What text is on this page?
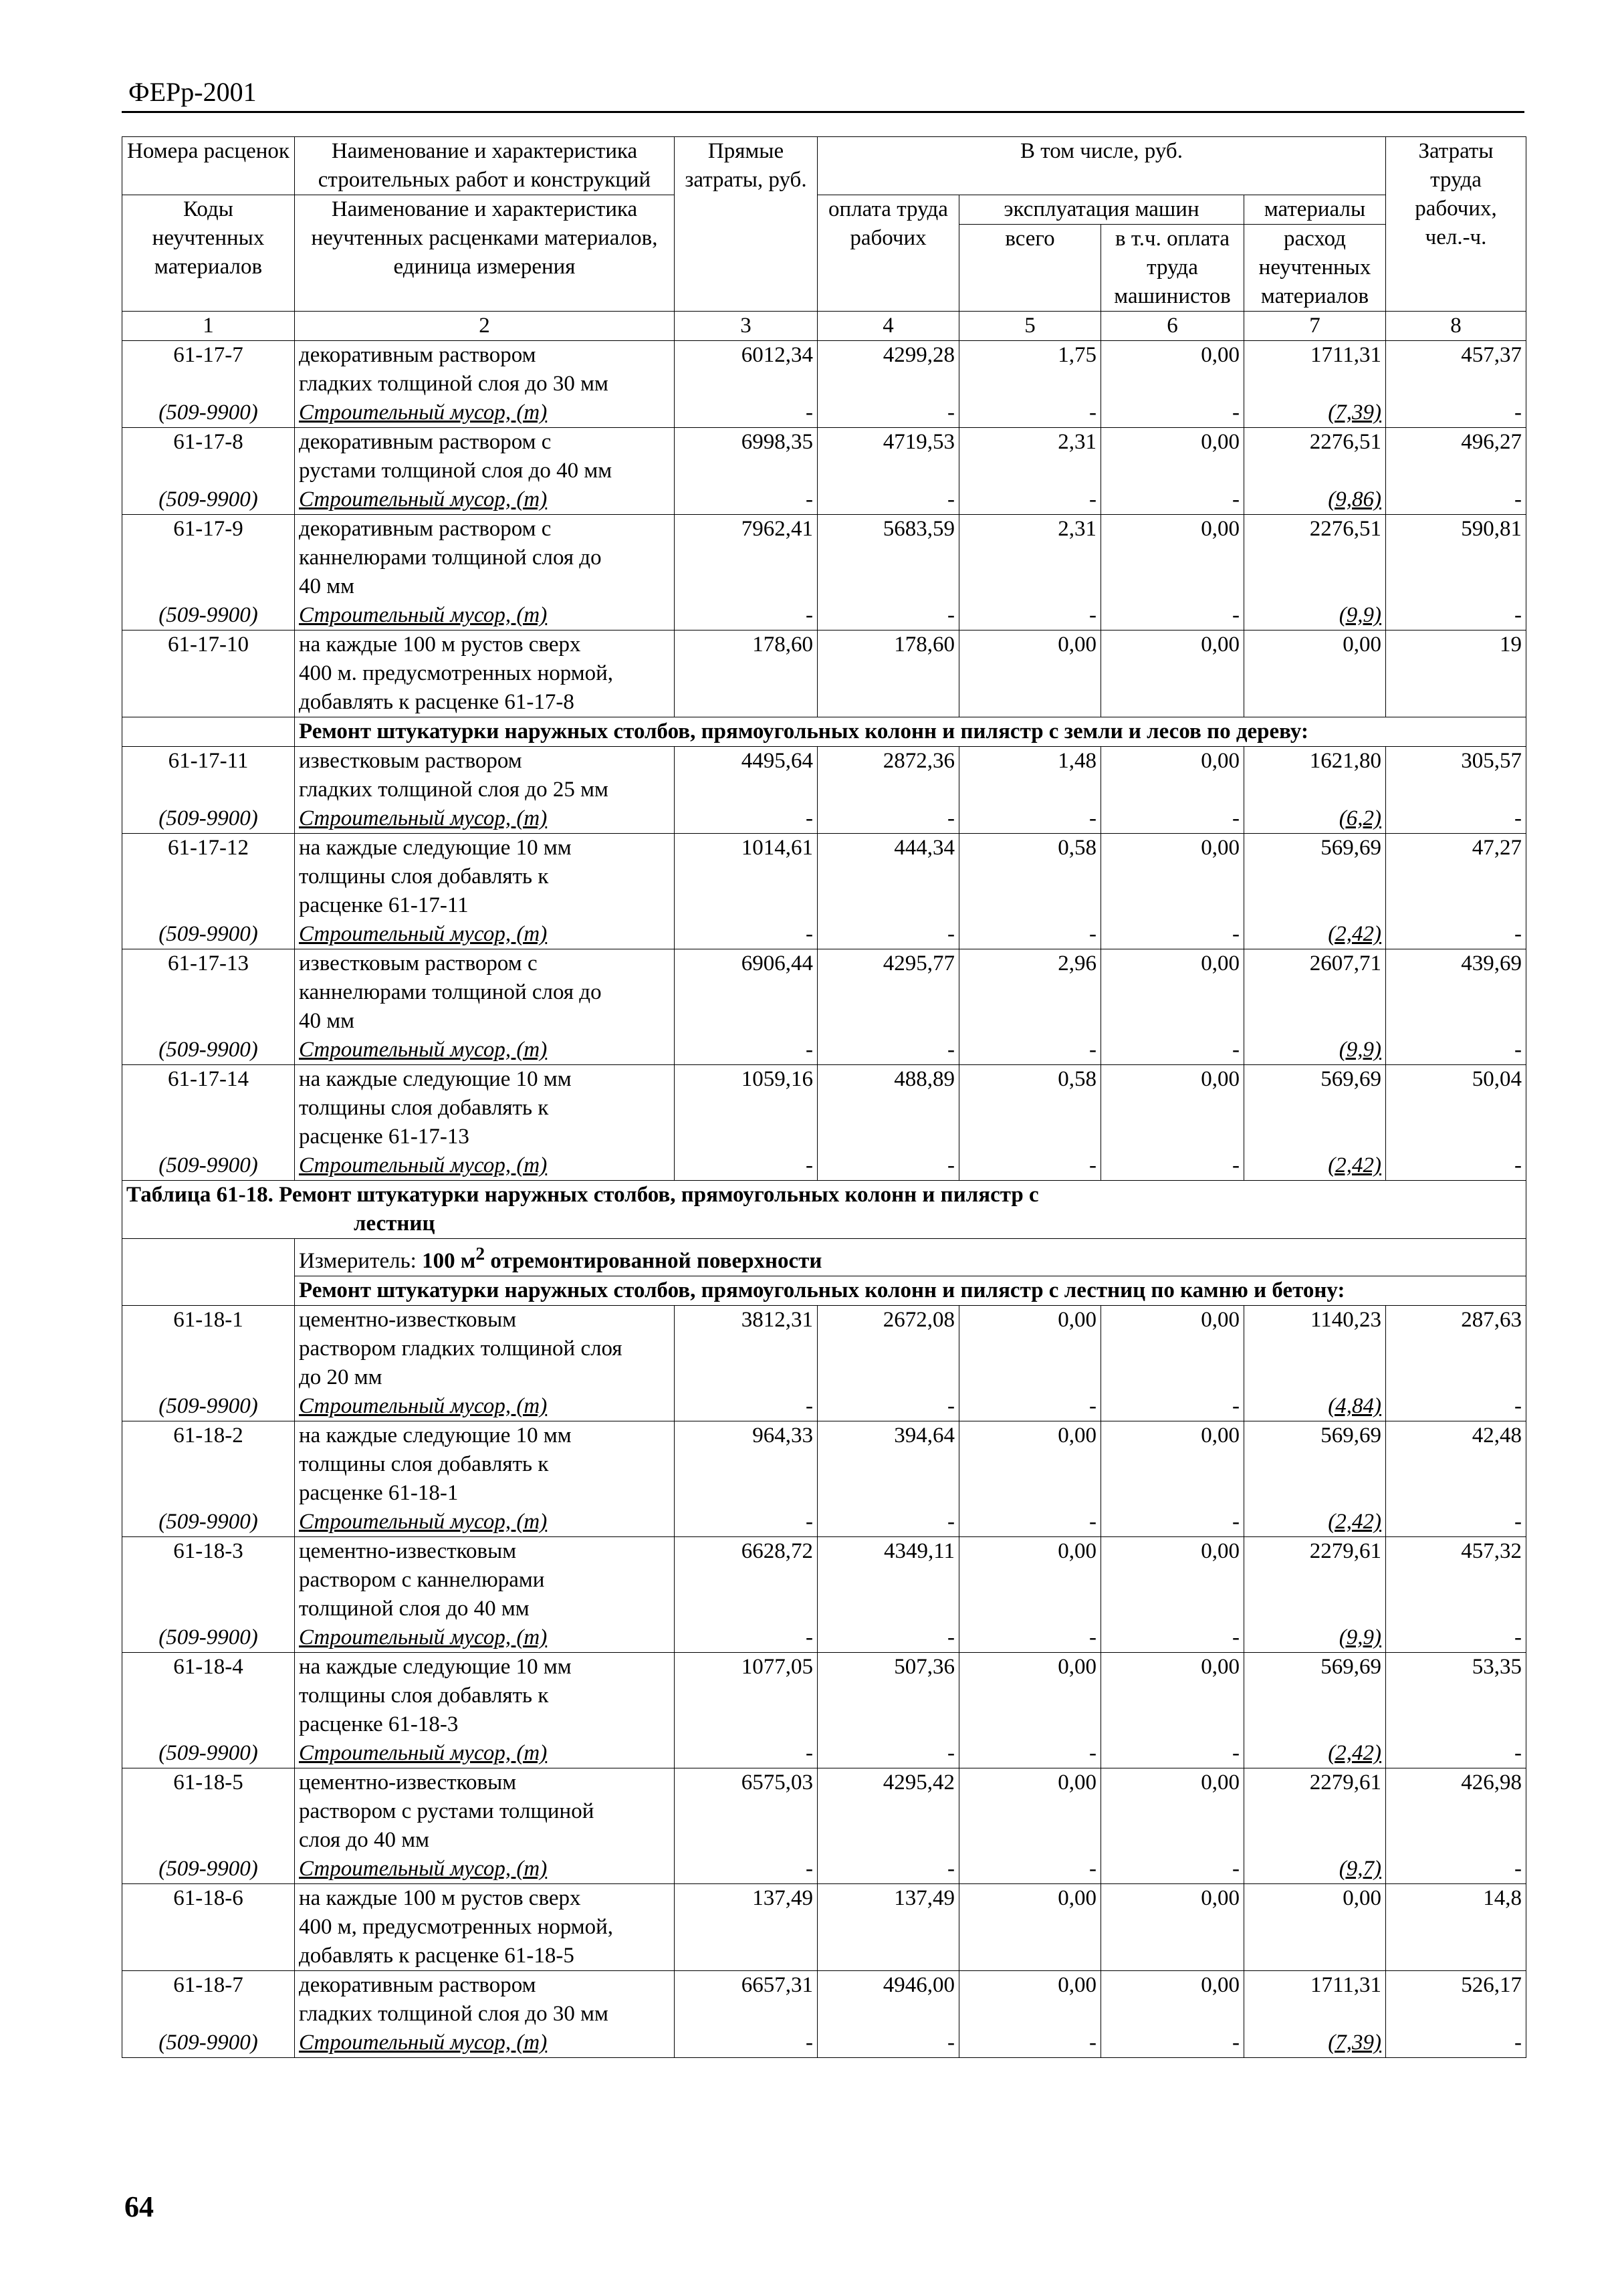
ФЕРр-2001
Номера расценок	Наименование и характеристика строительных работ и конструкций	Прямые затраты, руб.	В том числе, руб.				Затраты труда рабочих, чел.-ч.
Коды неучтенных материалов	Наименование и характеристика неучтенных расценками материалов, единица измерения		оплата труда рабочих	эксплуатация машин		материалы	
				всего	в т.ч. оплата труда машинистов	расход неучтенных материалов	
1	2	3	4	5	6	7	8
61-17-7	декоративным раствором	6012,34	4299,28	1,75	0,00	1711,31	457,37
	гладких толщиной слоя до 30 мм						
(509-9900)	Строительный мусор, (т)	-	-	-	-	(7,39)	-
61-17-8	декоративным раствором с	6998,35	4719,53	2,31	0,00	2276,51	496,27
	рустами толщиной слоя до 40 мм						
(509-9900)	Строительный мусор, (т)	-	-	-	-	(9,86)	-
61-17-9	декоративным раствором с	7962,41	5683,59	2,31	0,00	2276,51	590,81
	каннелюрами толщиной слоя до						
	40 мм						
(509-9900)	Строительный мусор, (т)	-	-	-	-	(9,9)	-
61-17-10	на каждые 100 м рустов сверх	178,60	178,60	0,00	0,00	0,00	19
	400 м. предусмотренных нормой,						
	добавлять к расценке 61-17-8						
	Ремонт штукатурки наружных столбов, прямоугольных колонн и пилястр с земли и лесов по дереву:						
61-17-11	известковым раствором	4495,64	2872,36	1,48	0,00	1621,80	305,57
	гладких толщиной слоя до 25 мм						
(509-9900)	Строительный мусор, (т)	-	-	-	-	(6,2)	-
61-17-12	на каждые следующие 10 мм	1014,61	444,34	0,58	0,00	569,69	47,27
	толщины слоя добавлять к						
	расценке 61-17-11						
(509-9900)	Строительный мусор, (т)	-	-	-	-	(2,42)	-
61-17-13	известковым раствором с	6906,44	4295,77	2,96	0,00	2607,71	439,69
	каннелюрами толщиной слоя до						
	40 мм						
(509-9900)	Строительный мусор, (т)	-	-	-	-	(9,9)	-
61-17-14	на каждые следующие 10 мм	1059,16	488,89	0,58	0,00	569,69	50,04
	толщины слоя добавлять к						
	расценке 61-17-13						
(509-9900)	Строительный мусор, (т)	-	-	-	-	(2,42)	-

Таблица 61-18. Ремонт штукатурки наружных столбов, прямоугольных колонн и пилястр с
лестниц							

	Измеритель: 100 $м^2$ отремонтированной поверхности						
	Ремонт штукатурки наружных столбов, прямоугольных колонн и пилястр с лестниц по камню и бетону:						
61-18-1	цементно-известковым	3812,31	2672,08	0,00	0,00	1140,23	287,63
	раствором гладких толщиной слоя						
	до 20 мм						
(509-9900)	Строительный мусор, (т)	-	-	-	-	(4,84)	-
61-18-2	на каждые следующие 10 мм	964,33	394,64	0,00	0,00	569,69	42,48
	толщины слоя добавлять к						
	расценке 61-18-1						
(509-9900)	Строительный мусор, (т)	-	-	-	-	(2,42)	-
61-18-3	цементно-известковым	6628,72	4349,11	0,00	0,00	2279,61	457,32
	раствором с каннелюрами						
	толщиной слоя до 40 мм						
(509-9900)	Строительный мусор, (т)	-	-	-	-	(9,9)	-
61-18-4	на каждые следующие 10 мм	1077,05	507,36	0,00	0,00	569,69	53,35
	толщины слоя добавлять к						
	расценке 61-18-3						
(509-9900)	Строительный мусор, (т)	-	-	-	-	(2,42)	-
61-18-5	цементно-известковым	6575,03	4295,42	0,00	0,00	2279,61	426,98
	раствором с рустами толщиной						
	слоя до 40 мм						
(509-9900)	Строительный мусор, (т)	-	-	-	-	(9,7)	-
61-18-6	на каждые 100 м рустов сверх	137,49	137,49	0,00	0,00	0,00	14,8
	400 м, предусмотренных нормой,						
	добавлять к расценке 61-18-5						
61-18-7	декоративным раствором	6657,31	4946,00	0,00	0,00	1711,31	526,17
	гладких толщиной слоя до 30 мм						
(509-9900)	Строительный мусор, (т)	-	-	-	-	(7,39)	-
64
